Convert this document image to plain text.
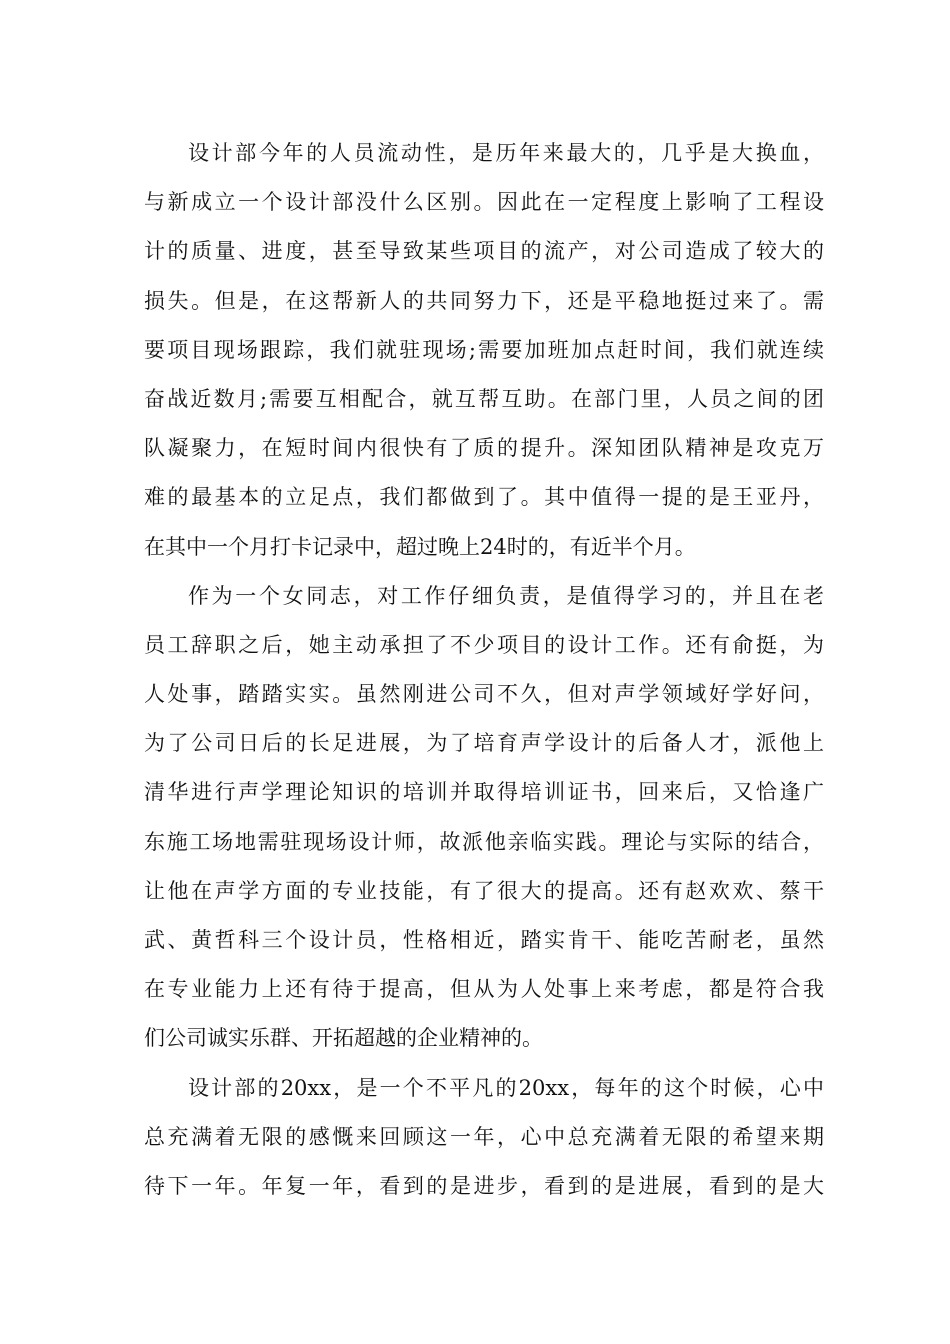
设计部今年的人员流动性，是历年来最大的，几乎是大换血，
与新成立一个设计部没什么区别。因此在一定程度上影响了工程设
计的质量、进度，甚至导致某些项目的流产，对公司造成了较大的
损失。但是，在这帮新人的共同努力下，还是平稳地挺过来了。需
要项目现场跟踪，我们就驻现场;需要加班加点赶时间，我们就连续
奋战近数月;需要互相配合，就互帮互助。在部门里，人员之间的团
队凝聚力，在短时间内很快有了质的提升。深知团队精神是攻克万
难的最基本的立足点，我们都做到了。其中值得一提的是王亚丹，
在其中一个月打卡记录中，超过晚上24时的，有近半个月。
作为一个女同志，对工作仔细负责，是值得学习的，并且在老
员工辞职之后，她主动承担了不少项目的设计工作。还有俞挺，为
人处事，踏踏实实。虽然刚进公司不久，但对声学领域好学好问，
为了公司日后的长足进展，为了培育声学设计的后备人才，派他上
清华进行声学理论知识的培训并取得培训证书，回来后，又恰逢广
东施工场地需驻现场设计师，故派他亲临实践。理论与实际的结合，
让他在声学方面的专业技能，有了很大的提高。还有赵欢欢、蔡干
武、黄哲科三个设计员，性格相近，踏实肯干、能吃苦耐老，虽然
在专业能力上还有待于提高，但从为人处事上来考虑，都是符合我
们公司诚实乐群、开拓超越的企业精神的。
设计部的20xx，是一个不平凡的20xx，每年的这个时候，心中
总充满着无限的感慨来回顾这一年，心中总充满着无限的希望来期
待下一年。年复一年，看到的是进步，看到的是进展，看到的是大
